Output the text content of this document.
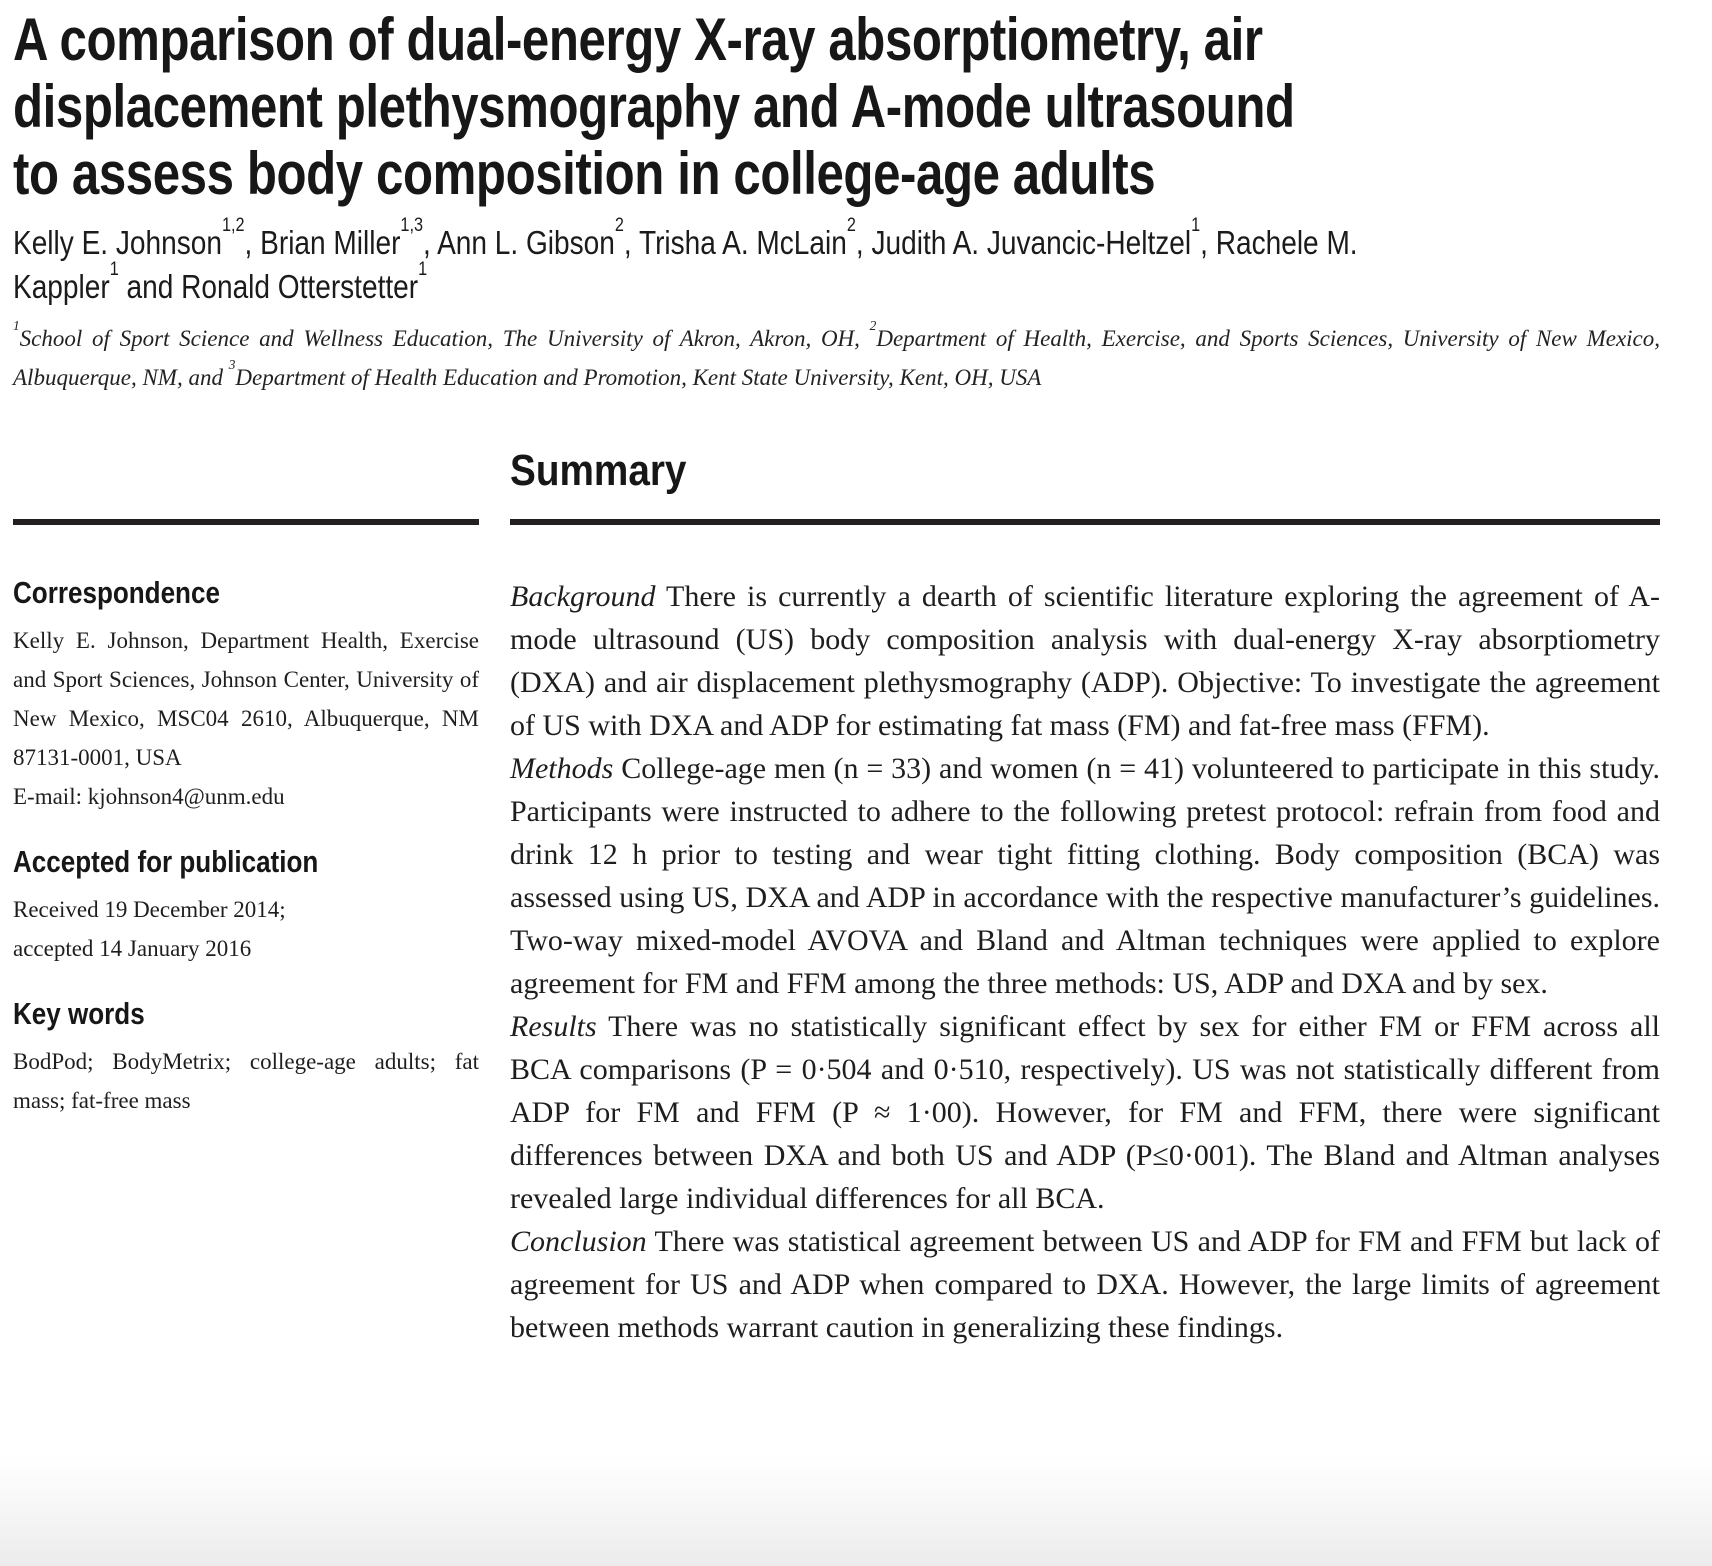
A comparison of dual-energy X-ray absorptiometry, air
displacement plethysmography and A-mode ultrasound
to assess body composition in college-age adults
Kelly E. Johnson$^{1,2}$, Brian Miller$^{1,3}$, Ann L. Gibson$^2$, Trisha A. McLain$^2$, Judith A. Juvancic-Heltzel$^1$, Rachele M. Kappler$^1$ and Ronald Otterstetter$^1$
$^1$School of Sport Science and Wellness Education, The University of Akron, Akron, OH, $^2$Department of Health, Exercise, and Sports Sciences, University of New Mexico, Albuquerque, NM, and $^3$Department of Health Education and Promotion, Kent State University, Kent, OH, USA
Summary
Correspondence

Kelly E. Johnson, Department Health, Exercise and Sport Sciences, Johnson Center, University of New Mexico, MSC04 2610, Albuquerque, NM 87131-0001, USA

E-mail: kjohnson4@unm.edu

Accepted for publication

Received 19 December 2014;

accepted 14 January 2016

Key words

BodPod; BodyMetrix; college-age adults; fat mass; fat-free mass

Background There is currently a dearth of scientific literature exploring the agreement of A-mode ultrasound (US) body composition analysis with dual-energy X-ray absorptiometry (DXA) and air displacement plethysmography (ADP). Objective: To investigate the agreement of US with DXA and ADP for estimating fat mass (FM) and fat-free mass (FFM).

Methods College-age men (n = 33) and women (n = 41) volunteered to participate in this study. Participants were instructed to adhere to the following pretest protocol: refrain from food and drink 12 h prior to testing and wear tight fitting clothing. Body composition (BCA) was assessed using US, DXA and ADP in accordance with the respective manufacturer’s guidelines. Two-way mixed-model AVOVA and Bland and Altman techniques were applied to explore agreement for FM and FFM among the three methods: US, ADP and DXA and by sex.

Results There was no statistically significant effect by sex for either FM or FFM across all BCA comparisons (P = 0·504 and 0·510, respectively). US was not statistically different from ADP for FM and FFM (P ≈ 1·00). However, for FM and FFM, there were significant differences between DXA and both US and ADP (P≤0·001). The Bland and Altman analyses revealed large individual differences for all BCA.

Conclusion There was statistical agreement between US and ADP for FM and FFM but lack of agreement for US and ADP when compared to DXA. However, the large limits of agreement between methods warrant caution in generalizing these findings.
